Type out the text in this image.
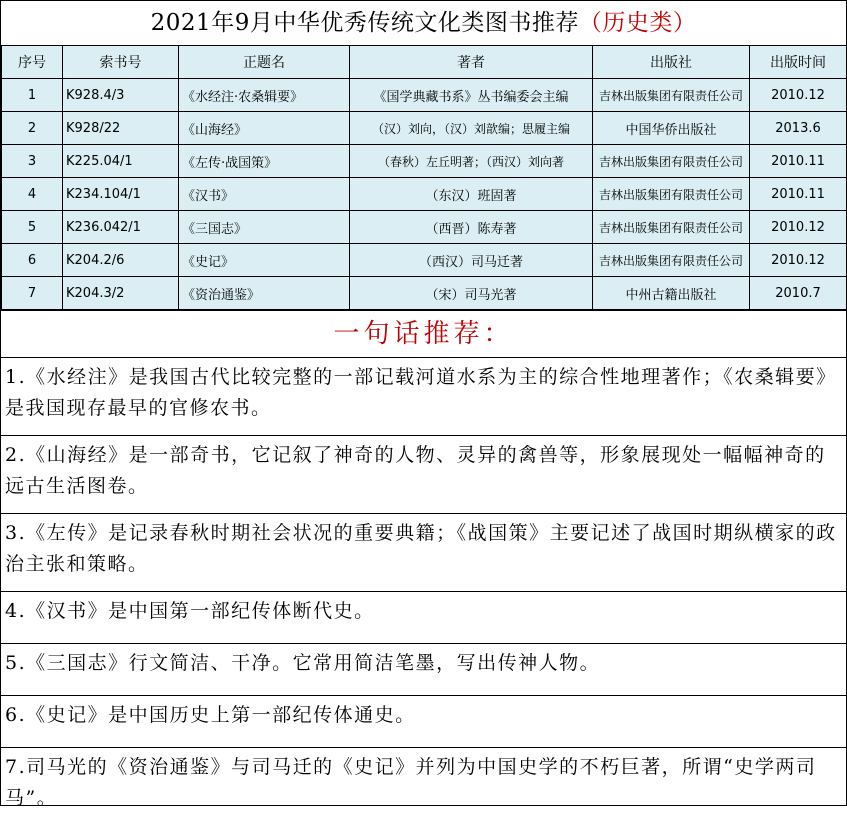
2021年9月中华优秀传统文化类图书推荐（历史类）
序号	索书号	正题名	著者	出版社	出版时间
1	K928.4/3	《水经注·农桑辑要》	《国学典藏书系》丛书编委会主编	吉林出版集团有限责任公司	2010.12
2	K928/22	《山海经》	（汉）刘向，（汉）刘歆编；思履主编	中国华侨出版社	2013.6
3	K225.04/1	《左传·战国策》	（春秋）左丘明著；（西汉）刘向著	吉林出版集团有限责任公司	2010.11
4	K234.104/1	《汉书》	（东汉）班固著	吉林出版集团有限责任公司	2010.11
5	K236.042/1	《三国志》	（西晋）陈寿著	吉林出版集团有限责任公司	2010.12
6	K204.2/6	《史记》	（西汉）司马迁著	吉林出版集团有限责任公司	2010.12
7	K204.3/2	《资治通鉴》	（宋）司马光著	中州古籍出版社	2010.7
一句话推荐：
1.《水经注》是我国古代比较完整的一部记载河道水系为主的综合性地理著作；《农桑辑要》是我国现存最早的官修农书。
2.《山海经》是一部奇书，它记叙了神奇的人物、灵异的禽兽等，形象展现处一幅幅神奇的远古生活图卷。
3.《左传》是记录春秋时期社会状况的重要典籍；《战国策》主要记述了战国时期纵横家的政治主张和策略。
4.《汉书》是中国第一部纪传体断代史。
5.《三国志》行文简洁、干净。它常用简洁笔墨，写出传神人物。
6.《史记》是中国历史上第一部纪传体通史。
7.司马光的《资治通鉴》与司马迁的《史记》并列为中国史学的不朽巨著，所谓“史学两司马”。
